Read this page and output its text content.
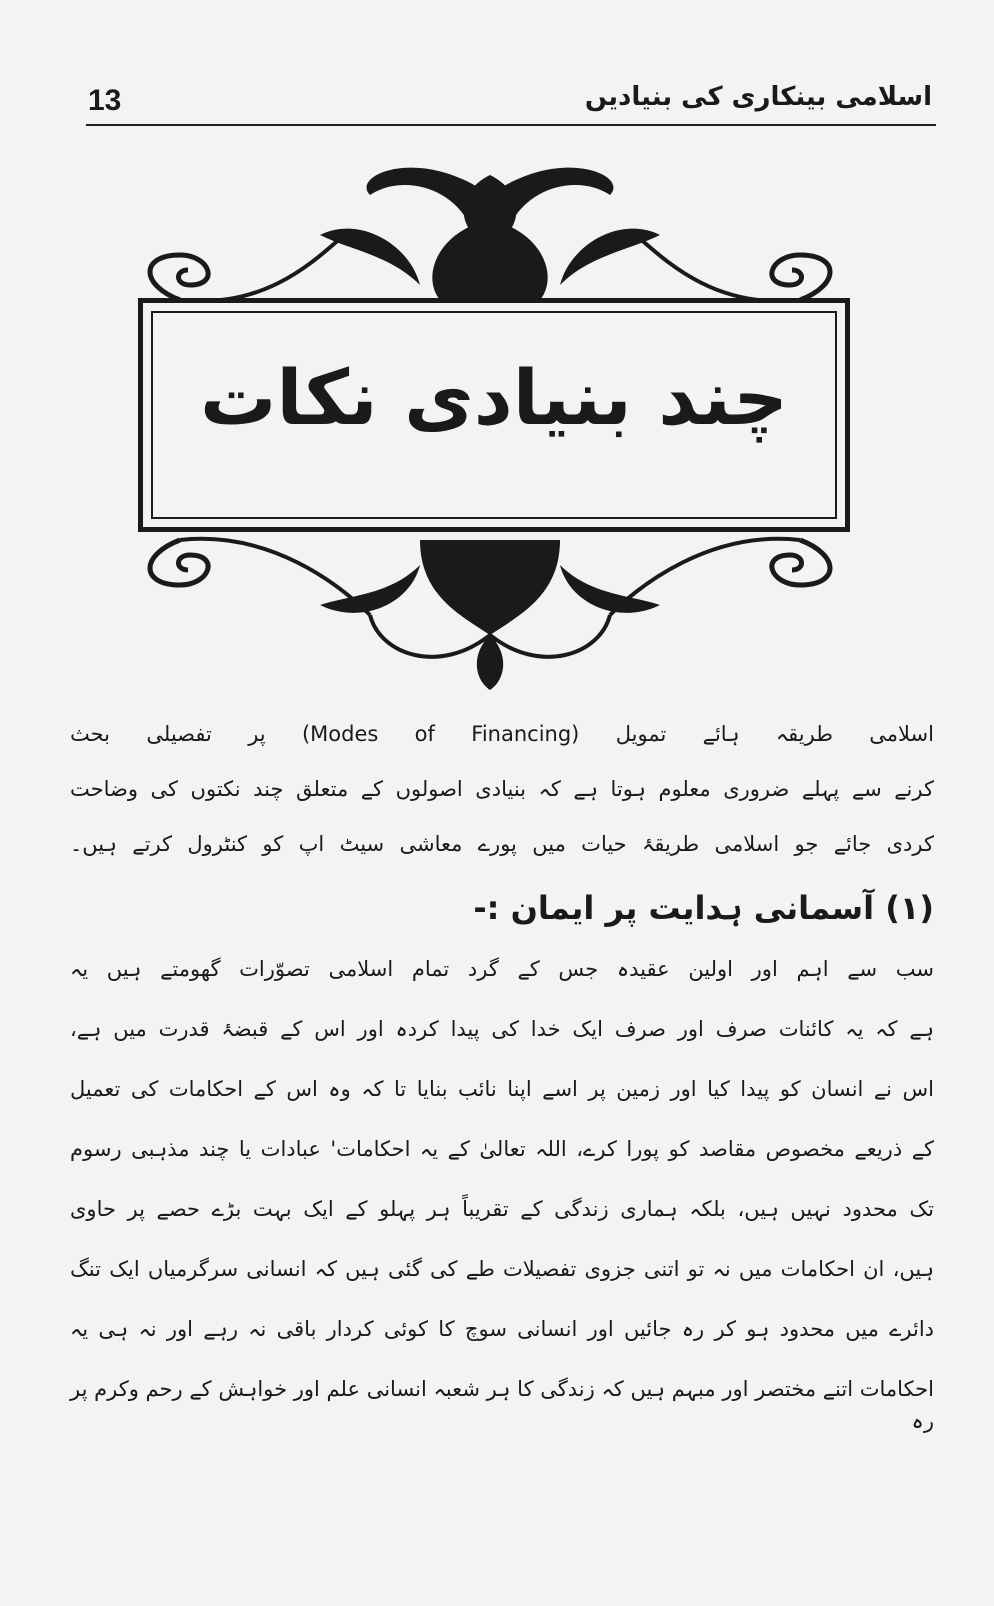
13	اسلامی بینکاری کی بنیادیں
چند بنیادی نکات
اسلامی طریقہ ہائے تمویل (Modes of Financing) پر تفصیلی بحث
کرنے سے پہلے ضروری معلوم ہوتا ہے کہ بنیادی اصولوں کے متعلق چند نکتوں کی وضاحت
کردی جائے جو اسلامی طریقۂ حیات میں پورے معاشی سیٹ اپ کو کنٹرول کرتے ہیں۔
(۱) آسمانی ہدایت پر ایمان :-
سب سے اہم اور اولین عقیدہ جس کے گرد تمام اسلامی تصوّرات گھومتے ہیں یہ
ہے کہ یہ کائنات صرف اور صرف ایک خدا کی پیدا کردہ اور اس کے قبضۂ قدرت میں ہے،
اس نے انسان کو پیدا کیا اور زمین پر اسے اپنا نائب بنایا تا کہ وہ اس کے احکامات کی تعمیل
کے ذریعے مخصوص مقاصد کو پورا کرے، اللہ تعالیٰ کے یہ احکامات' عبادات یا چند مذہبی رسوم
تک محدود نہیں ہیں، بلکہ ہماری زندگی کے تقریباً ہر پہلو کے ایک بہت بڑے حصے پر حاوی
ہیں، ان احکامات میں نہ تو اتنی جزوی تفصیلات طے کی گئی ہیں کہ انسانی سرگرمیاں ایک تنگ
دائرے میں محدود ہو کر رہ جائیں اور انسانی سوچ کا کوئی کردار باقی نہ رہے اور نہ ہی یہ
احکامات اتنے مختصر اور مبہم ہیں کہ زندگی کا ہر شعبہ انسانی علم اور خواہش کے رحم وکرم پر رہ
